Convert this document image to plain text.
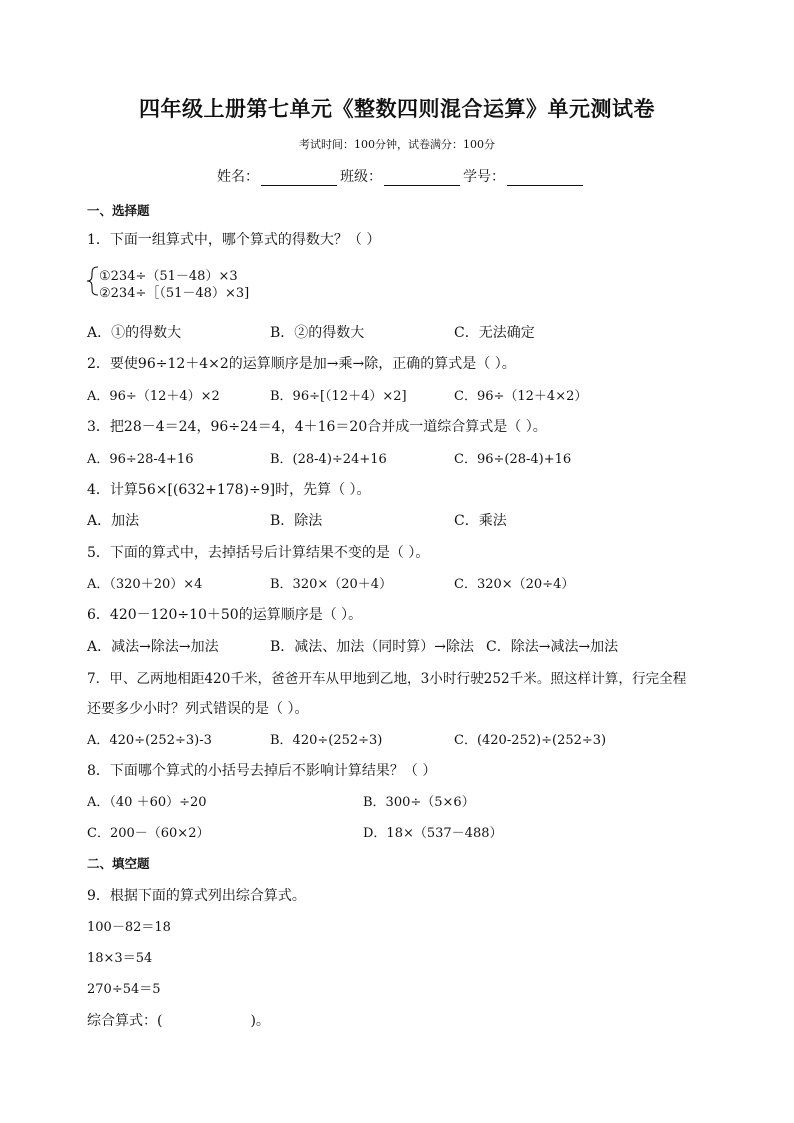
四年级上册第七单元《整数四则混合运算》单元测试卷
考试时间：100分钟，试卷满分：100分
姓名：	班级：	学号：
一、选择题
1．下面一组算式中，哪个算式的得数大？（ ）
①234÷（51－48）×3
②234÷［（51－48）×3]
A．①的得数大	B．②的得数大	C．无法确定
2．要使96÷12＋4×2的运算顺序是加→乘→除，正确的算式是（ ）。
A．96÷（12＋4）×2	B．96÷[（12＋4）×2]	C．96÷（12＋4×2）
3．把28－4＝24，96÷24＝4，4＋16＝20合并成一道综合算式是（ ）。
A．96÷28-4+16	B．(28-4)÷24+16	C．96÷(28-4)+16
4．计算56×[(632+178)÷9]时，先算（ ）。
A．加法	B．除法	C．乘法
5．下面的算式中，去掉括号后计算结果不变的是（ ）。
A．（320＋20）×4	B．320×（20＋4）	C．320×（20÷4）
6．420－120÷10＋50的运算顺序是（ ）。
A．减法→除法→加法	B．减法、加法（同时算）→除法 C．除法→减法→加法
7．甲、乙两地相距420千米，爸爸开车从甲地到乙地，3小时行驶252千米。照这样计算，行完全程
还要多少小时？列式错误的是（ ）。
A．420÷(252÷3)-3	B．420÷(252÷3)	C．(420-252)÷(252÷3)
8．下面哪个算式的小括号去掉后不影响计算结果？（ ）
A．（40 ＋60）÷20	B．300÷（5×6）
C．200－（60×2）	D．18×（537－488）
二、填空题
9．根据下面的算式列出综合算式。
100－82＝18
18×3＝54
270÷54＝5
综合算式：(	)。
